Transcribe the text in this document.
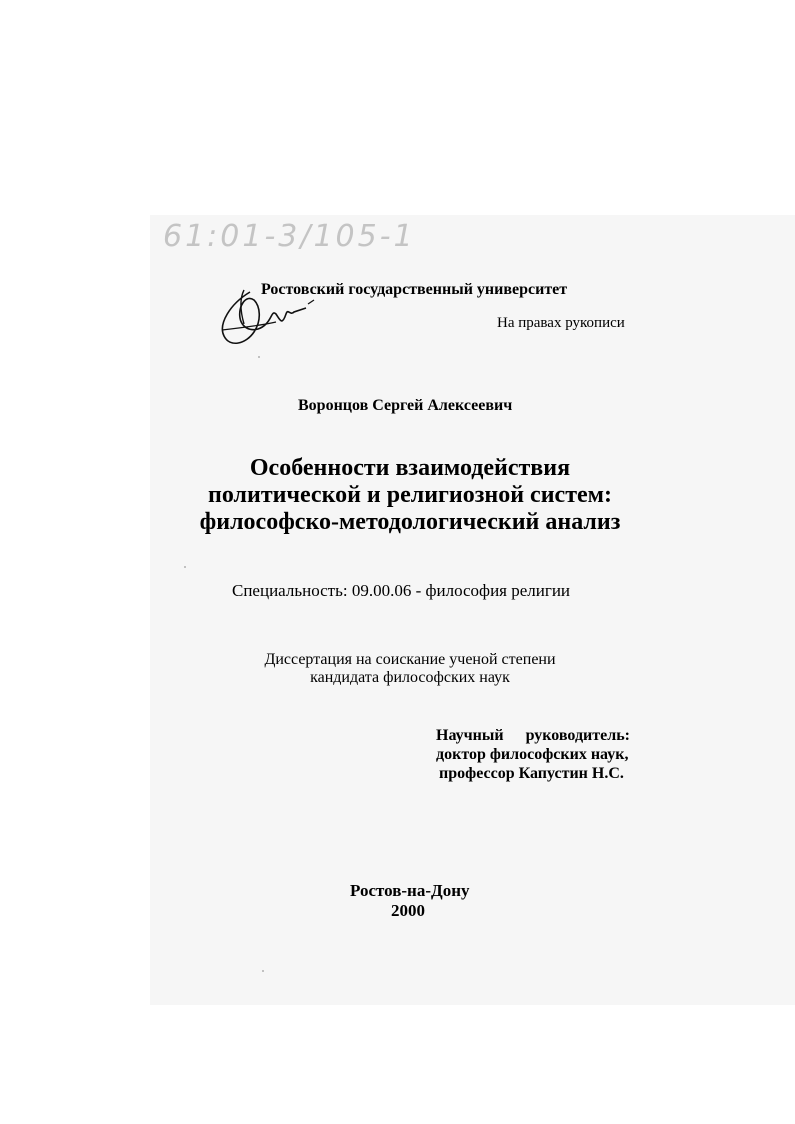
61:01-3/105-1
Ростовский государственный университет
На правах рукописи
Воронцов Сергей Алексеевич
Особенности взаимодействия
политической и религиозной систем:
философско-методологический анализ
Специальность: 09.00.06 - философия религии
Диссертация на соискание ученой степени
кандидата философских наук
Научный руководитель:
доктор философских наук,
профессор Капустин Н.С.
Ростов-на-Дону
2000
